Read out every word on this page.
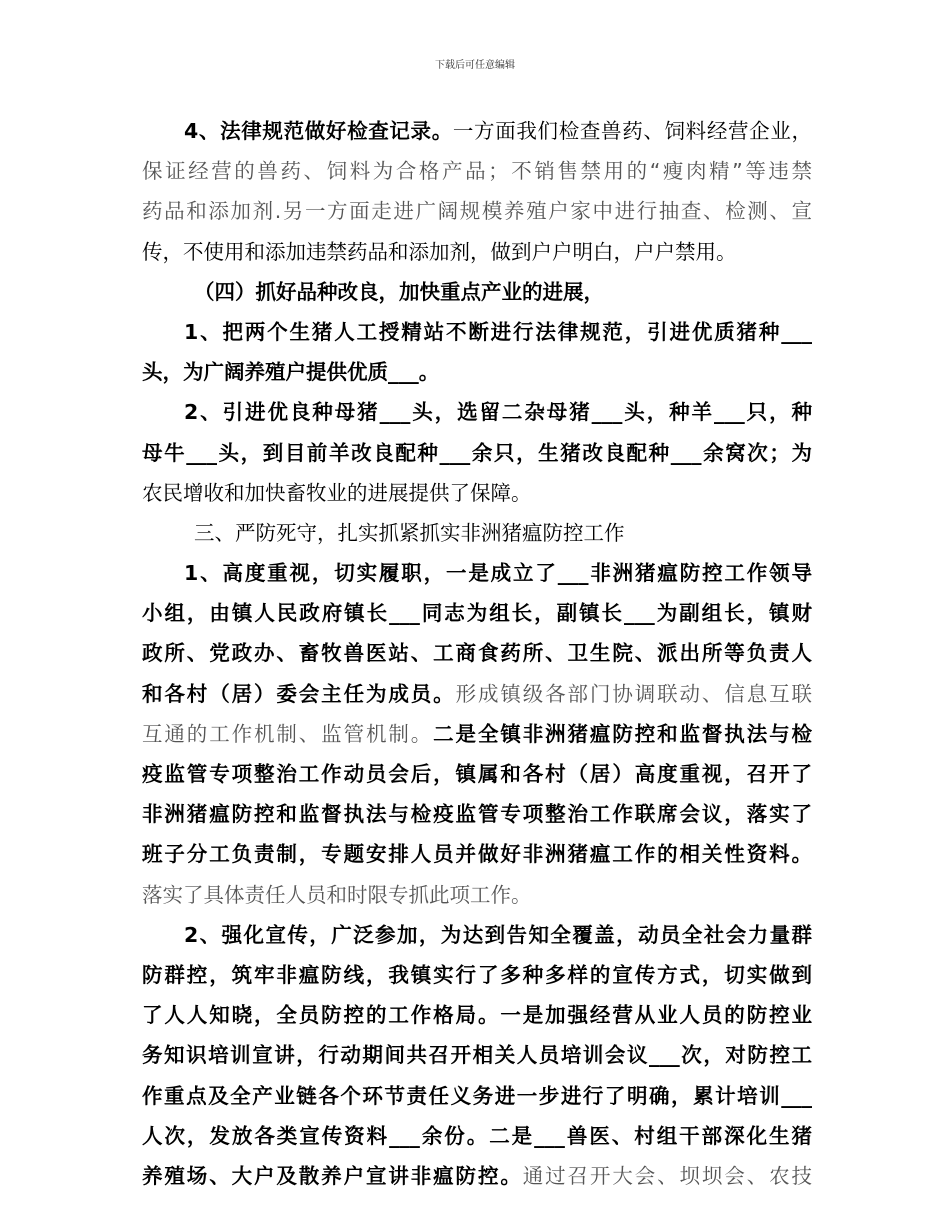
下载后可任意编辑
4、法律规范做好检查记录。一方面我们检查兽药、饲料经营企业，
保证经营的兽药、饲料为合格产品；不销售禁用的“瘦肉精”等违禁
药品和添加剂.另一方面走进广阔规模养殖户家中进行抽查、检测、宣
传，不使用和添加违禁药品和添加剂，做到户户明白，户户禁用。
（四）抓好品种改良，加快重点产业的进展，
1、把两个生猪人工授精站不断进行法律规范，引进优质猪种___
头，为广阔养殖户提供优质___。
2、引进优良种母猪___头，选留二杂母猪___头，种羊___只，种
母牛___头，到目前羊改良配种___余只，生猪改良配种___余窝次；为
农民增收和加快畜牧业的进展提供了保障。
三、严防死守，扎实抓紧抓实非洲猪瘟防控工作
1、高度重视，切实履职，一是成立了___非洲猪瘟防控工作领导
小组，由镇人民政府镇长___同志为组长，副镇长___为副组长，镇财
政所、党政办、畜牧兽医站、工商食药所、卫生院、派出所等负责人
和各村（居）委会主任为成员。形成镇级各部门协调联动、信息互联
互通的工作机制、监管机制。二是全镇非洲猪瘟防控和监督执法与检
疫监管专项整治工作动员会后，镇属和各村（居）高度重视，召开了
非洲猪瘟防控和监督执法与检疫监管专项整治工作联席会议，落实了
班子分工负责制，专题安排人员并做好非洲猪瘟工作的相关性资料。
落实了具体责任人员和时限专抓此项工作。
2、强化宣传，广泛参加，为达到告知全覆盖，动员全社会力量群
防群控，筑牢非瘟防线，我镇实行了多种多样的宣传方式，切实做到
了人人知晓，全员防控的工作格局。一是加强经营从业人员的防控业
务知识培训宣讲，行动期间共召开相关人员培训会议___次，对防控工
作重点及全产业链各个环节责任义务进一步进行了明确，累计培训___
人次，发放各类宣传资料___余份。二是___兽医、村组干部深化生猪
养殖场、大户及散养户宣讲非瘟防控。通过召开大会、坝坝会、农技
